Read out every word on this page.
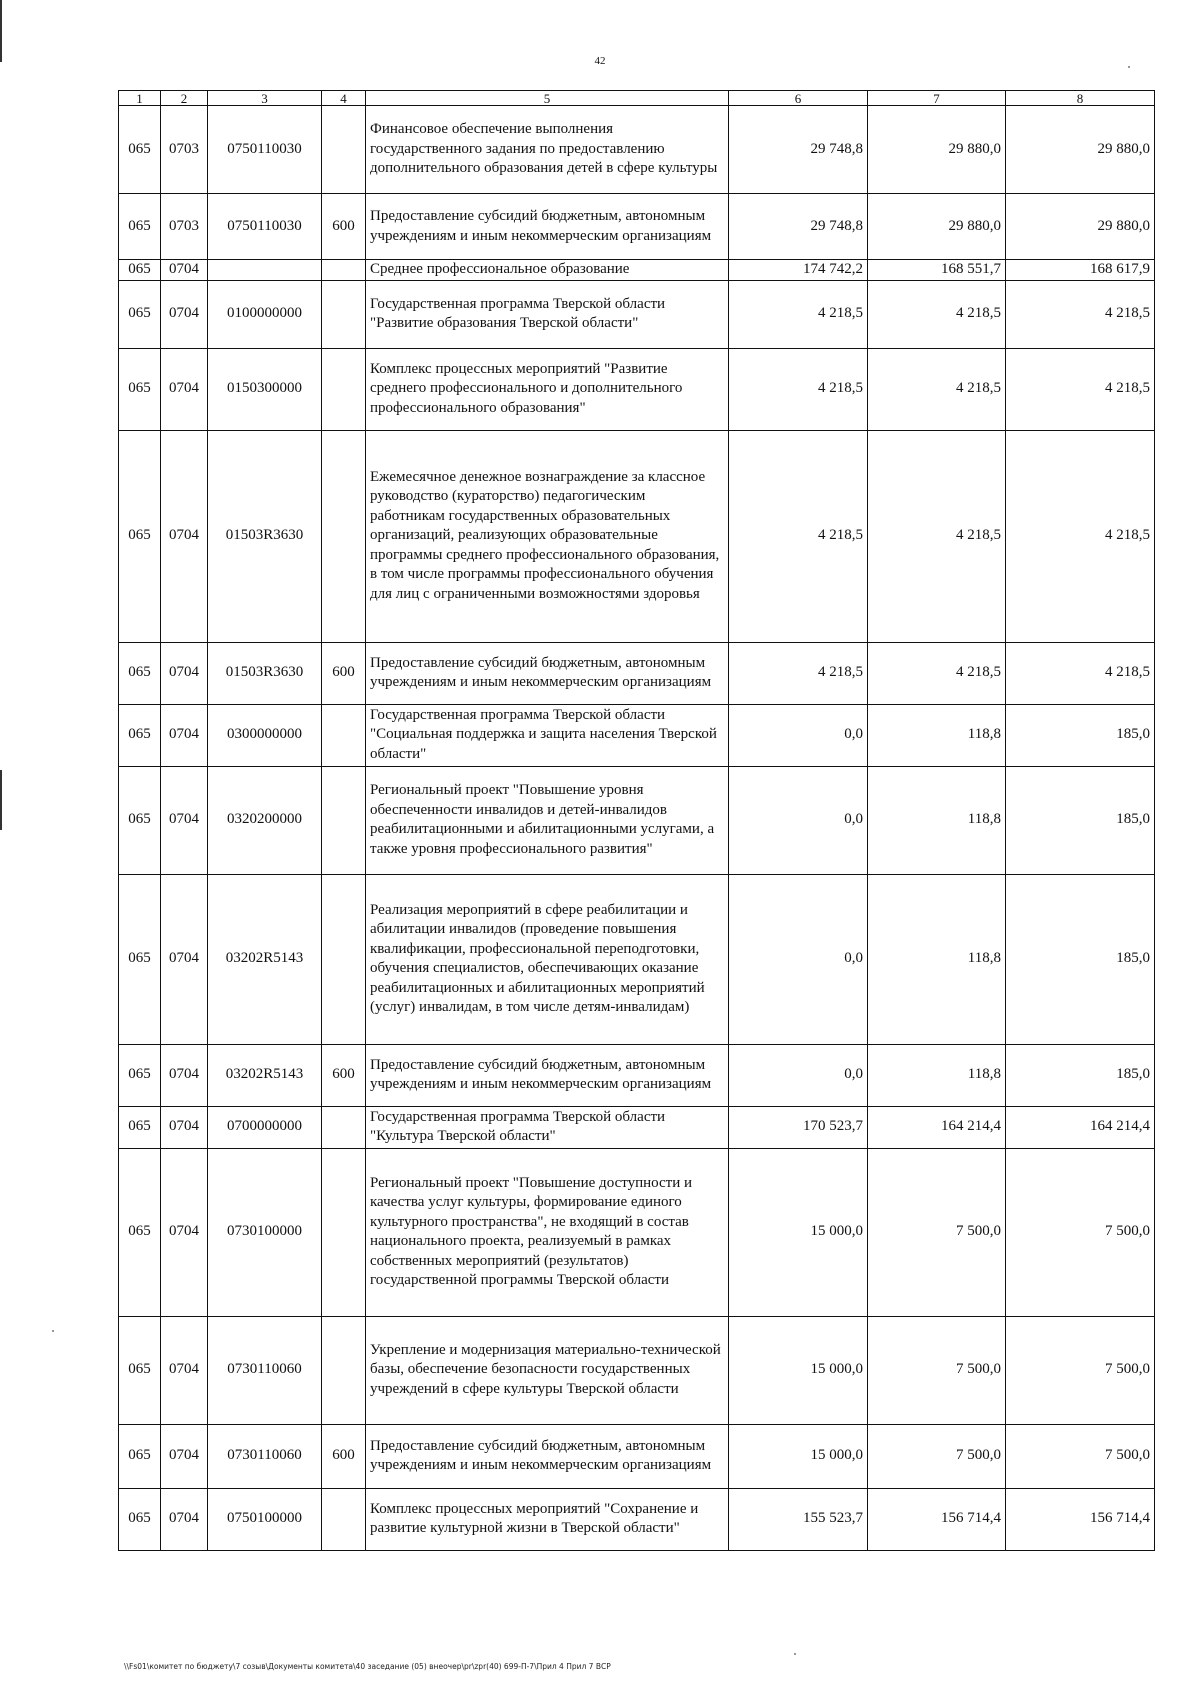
42
1	2	3	4	5	6	7	8
065	0703	0750110030		Финансовое обеспечение выполнения государственного задания по предоставлению дополнительного образования детей в сфере культуры	29 748,8	29 880,0	29 880,0
065	0703	0750110030	600	Предоставление субсидий бюджетным, автономным учреждениям и иным некоммерческим организациям	29 748,8	29 880,0	29 880,0
065	0704			Среднее профессиональное образование	174 742,2	168 551,7	168 617,9
065	0704	0100000000		Государственная программа Тверской области "Развитие образования Тверской области"	4 218,5	4 218,5	4 218,5
065	0704	0150300000		Комплекс процессных мероприятий "Развитие среднего профессионального и дополнительного профессионального образования"	4 218,5	4 218,5	4 218,5
065	0704	01503R3630		Ежемесячное денежное вознаграждение за классное руководство (кураторство) педагогическим работникам государственных образовательных организаций, реализующих образовательные программы среднего профессионального образования, в том числе программы профессионального обучения для лиц с ограниченными возможностями здоровья	4 218,5	4 218,5	4 218,5
065	0704	01503R3630	600	Предоставление субсидий бюджетным, автономным учреждениям и иным некоммерческим организациям	4 218,5	4 218,5	4 218,5
065	0704	0300000000		Государственная программа Тверской области "Социальная поддержка и защита населения Тверской области"	0,0	118,8	185,0
065	0704	0320200000		Региональный проект "Повышение уровня обеспеченности инвалидов и детей-инвалидов реабилитационными и абилитационными услугами, а также уровня профессионального развития"	0,0	118,8	185,0
065	0704	03202R5143		Реализация мероприятий в сфере реабилитации и абилитации инвалидов (проведение повышения квалификации, профессиональной переподготовки, обучения специалистов, обеспечивающих оказание реабилитационных и абилитационных мероприятий (услуг) инвалидам, в том числе детям-инвалидам)	0,0	118,8	185,0
065	0704	03202R5143	600	Предоставление субсидий бюджетным, автономным учреждениям и иным некоммерческим организациям	0,0	118,8	185,0
065	0704	0700000000		Государственная программа Тверской области "Культура Тверской области"	170 523,7	164 214,4	164 214,4
065	0704	0730100000		Региональный проект "Повышение доступности и качества услуг культуры, формирование единого культурного пространства", не входящий в состав национального проекта, реализуемый в рамках собственных мероприятий (результатов) государственной программы Тверской области	15 000,0	7 500,0	7 500,0
065	0704	0730110060		Укрепление и модернизация материально-технической базы, обеспечение безопасности государственных учреждений в сфере культуры Тверской области	15 000,0	7 500,0	7 500,0
065	0704	0730110060	600	Предоставление субсидий бюджетным, автономным учреждениям и иным некоммерческим организациям	15 000,0	7 500,0	7 500,0
065	0704	0750100000		Комплекс процессных мероприятий "Сохранение и развитие культурной жизни в Тверской области"	155 523,7	156 714,4	156 714,4
\\Fs01\комитет по бюджету\7 созыв\Документы комитета\40 заседание (05) внеочер\pr\zpr(40) 699-П-7\Прил 4 Прил 7 ВСР
